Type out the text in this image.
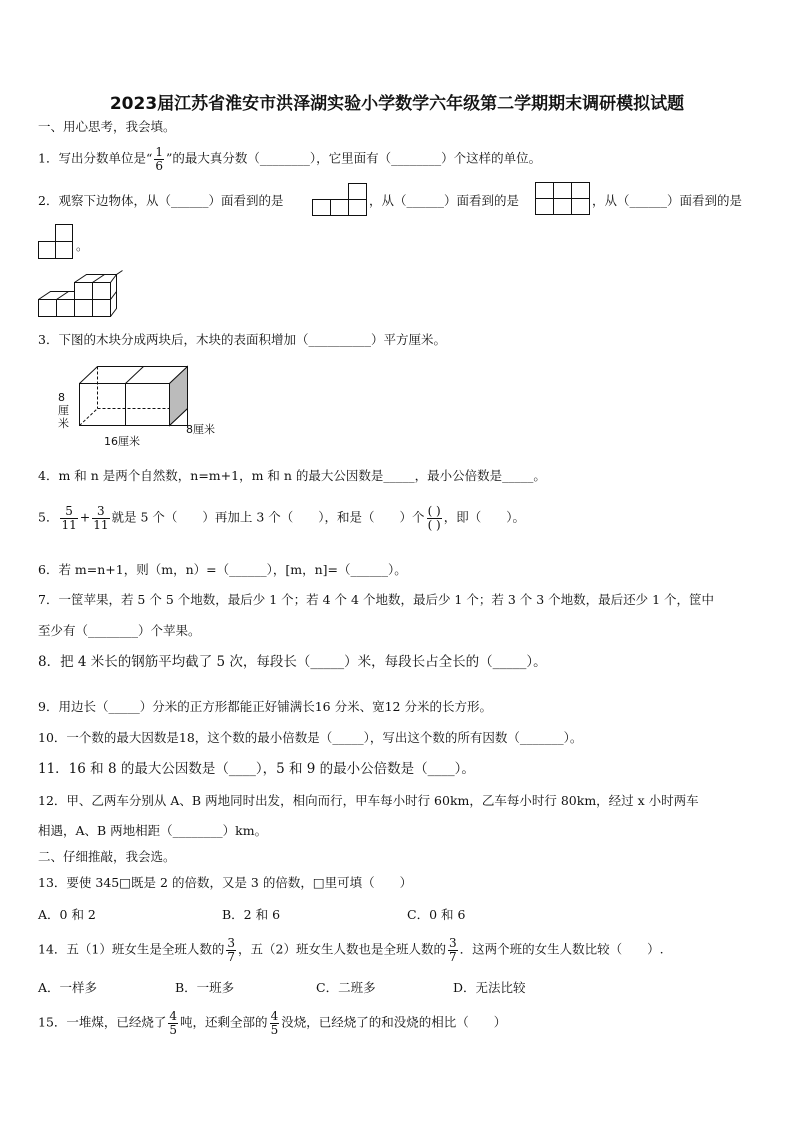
2023届江苏省淮安市洪泽湖实验小学数学六年级第二学期期末调研模拟试题
一、用心思考，我会填。
1．写出分数单位是“ $\frac{1}{6}$ ”的最大真分数（________），它里面有（________）个这样的单位。
2．观察下边物体，从（______）面看到的是	，从（______）面看到的是	，从（______）面看到的是
。
3．下图的木块分成两块后，木块的表面积增加（__________）平方厘米。
8
厘
米
16厘米
8厘米
4．m 和 n 是两个自然数，n=m+1，m 和 n 的最大公因数是_____，最小公倍数是_____。
5． $\frac{5}{11} + \frac{3}{11}$ 就是 5 个（　　）再加上 3 个（　　），和是（　　）个 $\frac{( )}{( )}$ ，即（　　）。
6．若 m=n+1，则（m，n）=（______），[m，n]=（______）。
7．一筐苹果，若 5 个 5 个地数，最后少 1 个；若 4 个 4 个地数，最后少 1 个；若 3 个 3 个地数，最后还少 1 个，筐中
至少有（________）个苹果。
8．把 4 米长的钢筋平均截了 5 次，每段长（_____）米，每段长占全长的（_____）。
9．用边长（_____）分米的正方形都能正好铺满长16 分米、宽12 分米的长方形。
10．一个数的最大因数是18，这个数的最小倍数是（_____），写出这个数的所有因数（_______）。
11．16 和 8 的最大公因数是（____），5 和 9 的最小公倍数是（____）。
12．甲、乙两车分别从 A、B 两地同时出发，相向而行，甲车每小时行 60km，乙车每小时行 80km，经过 x 小时两车
相遇，A、B 两地相距（________）km。
二、仔细推敲，我会选。
13．要使 345□既是 2 的倍数，又是 3 的倍数，□里可填（　　）
A．0 和 2	B．2 和 6	C．0 和 6
14．五（1）班女生是全班人数的 $\frac{3}{7}$ ，五（2）班女生人数也是全班人数的 $\frac{3}{7}$ ．这两个班的女生人数比较（　　）.
A．一样多	B．一班多	C．二班多	D．无法比较
15．一堆煤，已经烧了 $\frac{4}{5}$ 吨，还剩全部的 $\frac{4}{5}$ 没烧，已经烧了的和没烧的相比（　　）
